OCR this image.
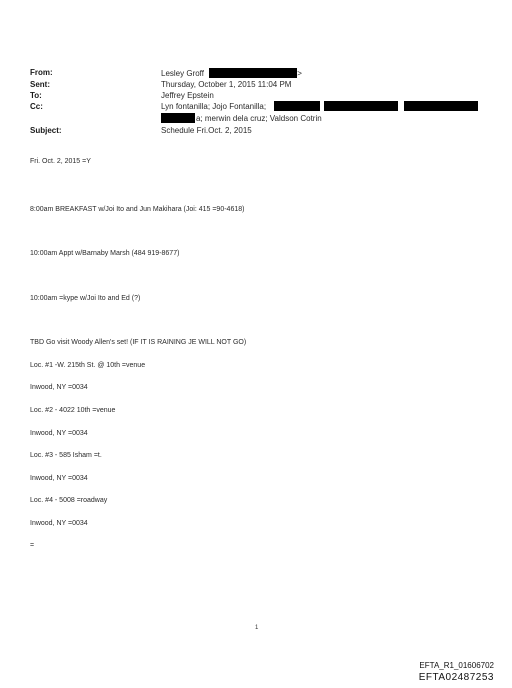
From:	Lesley Groff	>
Sent:	Thursday, October 1, 2015 11:04 PM
To:	Jeffrey Epstein
Cc:	Lyn fontanilla; Jojo Fontanilla;
a; merwin dela cruz; Valdson Cotrin
Subject:	Schedule Fri.Oct. 2, 2015
Fri. Oct. 2, 2015 =Y
8:00am BREAKFAST w/Joi Ito and Jun Makihara (Joi: 415 =90-4618)
10:00am Appt w/Barnaby Marsh (484 919-8677)
10:00am =kype w/Joi Ito and Ed (?)
TBD Go visit Woody Allen's set! (IF IT IS RAINING JE WILL NOT GO)
Loc. #1 -W. 215th St. @ 10th =venue
Inwood, NY =0034
Loc. #2 - 4022 10th =venue
Inwood, NY =0034
Loc. #3 - 585 Isham =t.
Inwood, NY =0034
Loc. #4 - 5008 =roadway
Inwood, NY =0034
=
1
EFTA_R1_01606702
EFTA02487253
